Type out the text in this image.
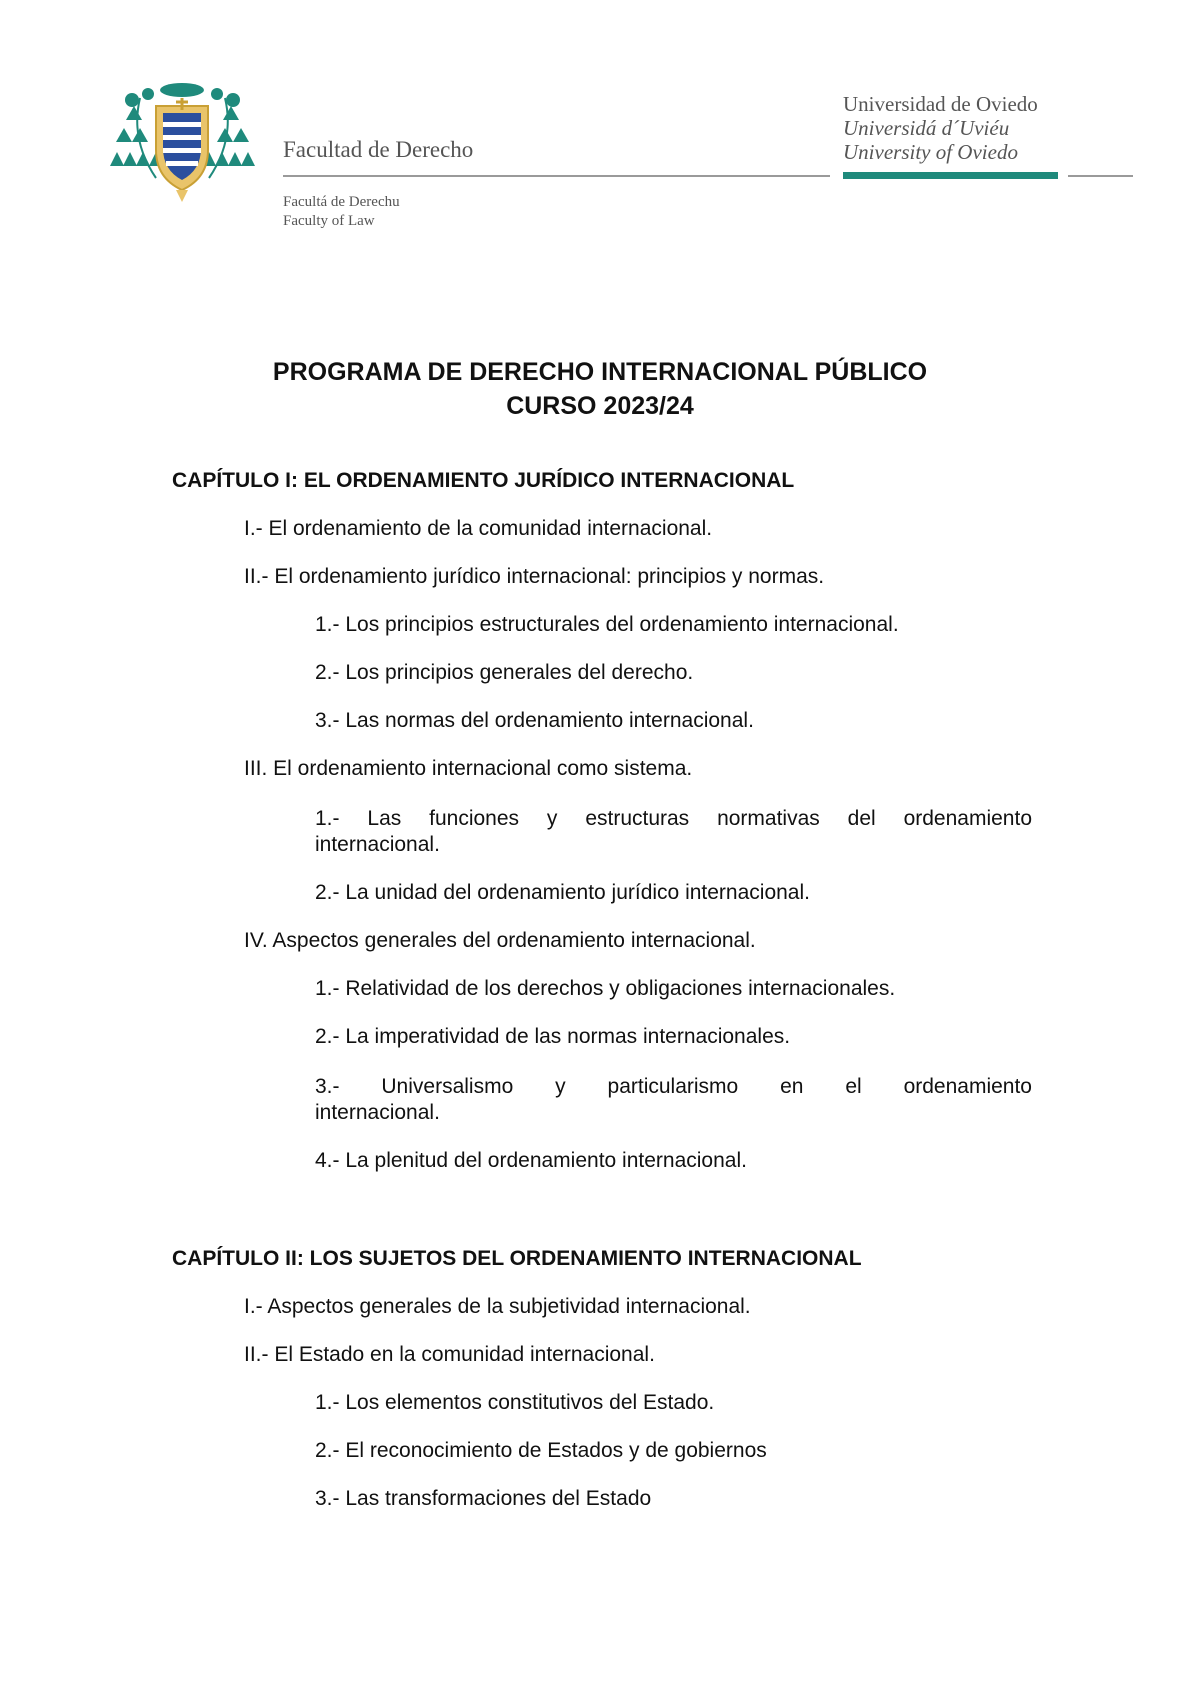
Facultad de Derecho
Facultá de Derechu
Faculty of Law
Universidad de Oviedo
Universidá d´Uviéu
University of Oviedo
PROGRAMA DE DERECHO INTERNACIONAL PÚBLICO
CURSO 2023/24
CAPÍTULO I: EL ORDENAMIENTO JURÍDICO INTERNACIONAL
I.- El ordenamiento de la comunidad internacional.
II.- El ordenamiento jurídico internacional: principios y normas.
1.- Los principios estructurales del ordenamiento internacional.
2.- Los principios generales del derecho.
3.- Las normas del ordenamiento internacional.
III. El ordenamiento internacional como sistema.
1.- Las funciones y estructuras normativas del ordenamiento
internacional.
2.- La unidad del ordenamiento jurídico internacional.
IV. Aspectos generales del ordenamiento internacional.
1.- Relatividad de los derechos y obligaciones internacionales.
2.- La imperatividad de las normas internacionales.
3.- Universalismo y particularismo en el ordenamiento
internacional.
4.- La plenitud del ordenamiento internacional.
CAPÍTULO II: LOS SUJETOS DEL ORDENAMIENTO INTERNACIONAL
I.- Aspectos generales de la subjetividad internacional.
II.- El Estado en la comunidad internacional.
1.- Los elementos constitutivos del Estado.
2.- El reconocimiento de Estados y de gobiernos
3.- Las transformaciones del Estado
